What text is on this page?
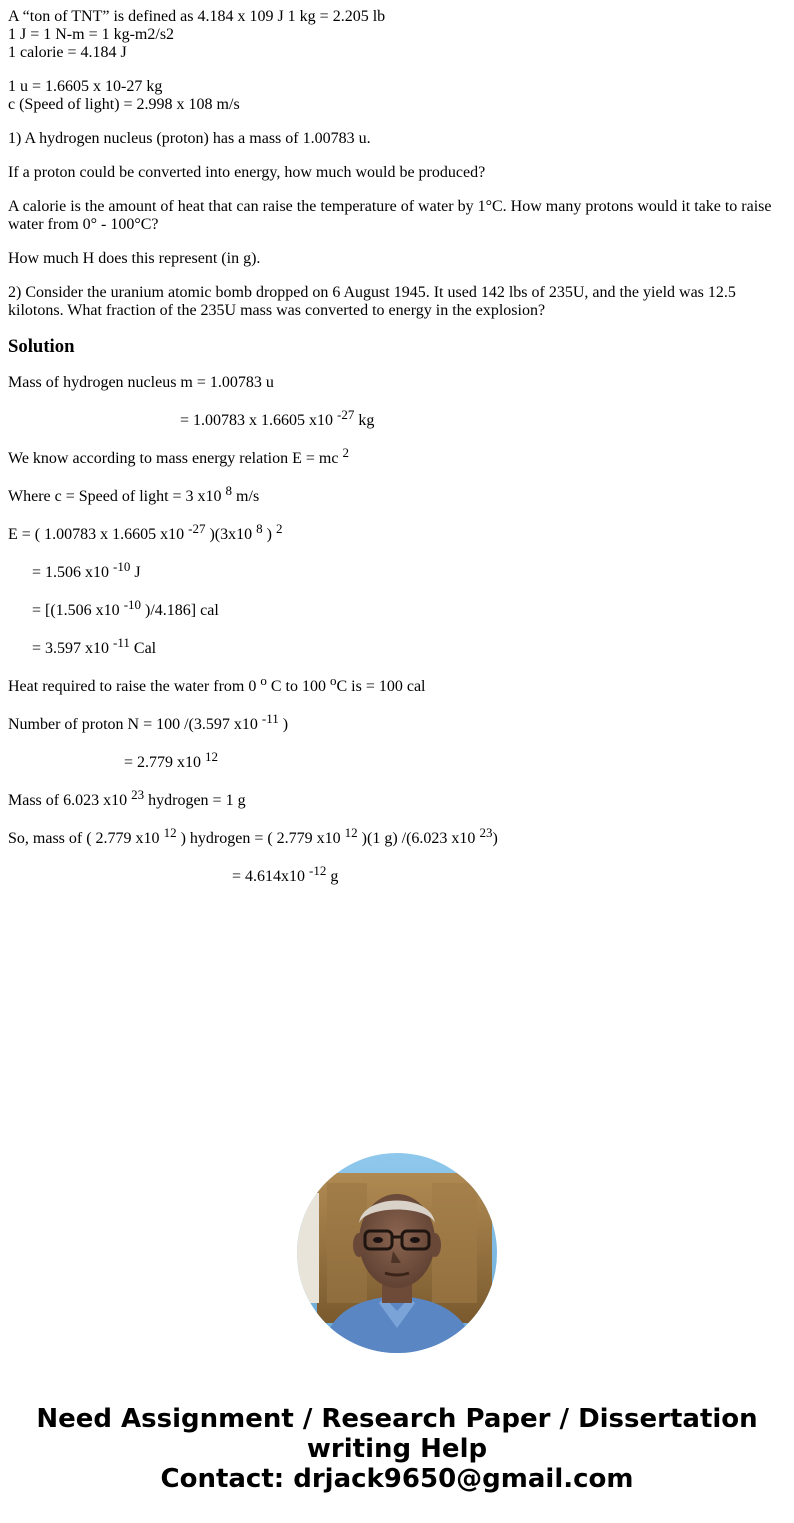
A “ton of TNT” is defined as 4.184 x 109 J 1 kg = 2.205 lb
1 J = 1 N-m = 1 kg-m2/s2
1 calorie = 4.184 J

1 u = 1.6605 x 10-27 kg
c (Speed of light) = 2.998 x 108 m/s

1) A hydrogen nucleus (proton) has a mass of 1.00783 u.

If a proton could be converted into energy, how much would be produced?

A calorie is the amount of heat that can raise the temperature of water by 1°C. How many protons would it take to raise water from 0° - 100°C?

How much H does this represent (in g).

2) Consider the uranium atomic bomb dropped on 6 August 1945. It used 142 lbs of 235U, and the yield was 12.5 kilotons. What fraction of the 235U mass was converted to energy in the explosion?

Solution

Mass of hydrogen nucleus m = 1.00783 u

= 1.00783 x 1.6605 x10 $^{-27}$ kg

We know according to mass energy relation E = mc $^2$

Where c = Speed of light = 3 x10 $^8$ m/s

E = ( 1.00783 x 1.6605 x10 $^{-27}$ )(3x10 $^8$ ) $^2$

= 1.506 x10 $^{-10}$ J

= [(1.506 x10 $^{-10}$ )/4.186] cal

= 3.597 x10 $^{-11}$ Cal

Heat required to raise the water from 0 $^o$ C to 100 $^o$C is = 100 cal

Number of proton N = 100 /(3.597 x10 $^{-11}$ )

= 2.779 x10 $^{12}$

Mass of 6.023 x10 $^{23}$ hydrogen = 1 g

So, mass of ( 2.779 x10 $^{12}$ ) hydrogen = ( 2.779 x10 $^{12}$ )(1 g) /(6.023 x10 $^{23}$)

= 4.614x10 $^{-12}$ g

Need Assignment / Research Paper / Dissertation
writing Help
Contact: drjack9650@gmail.com
